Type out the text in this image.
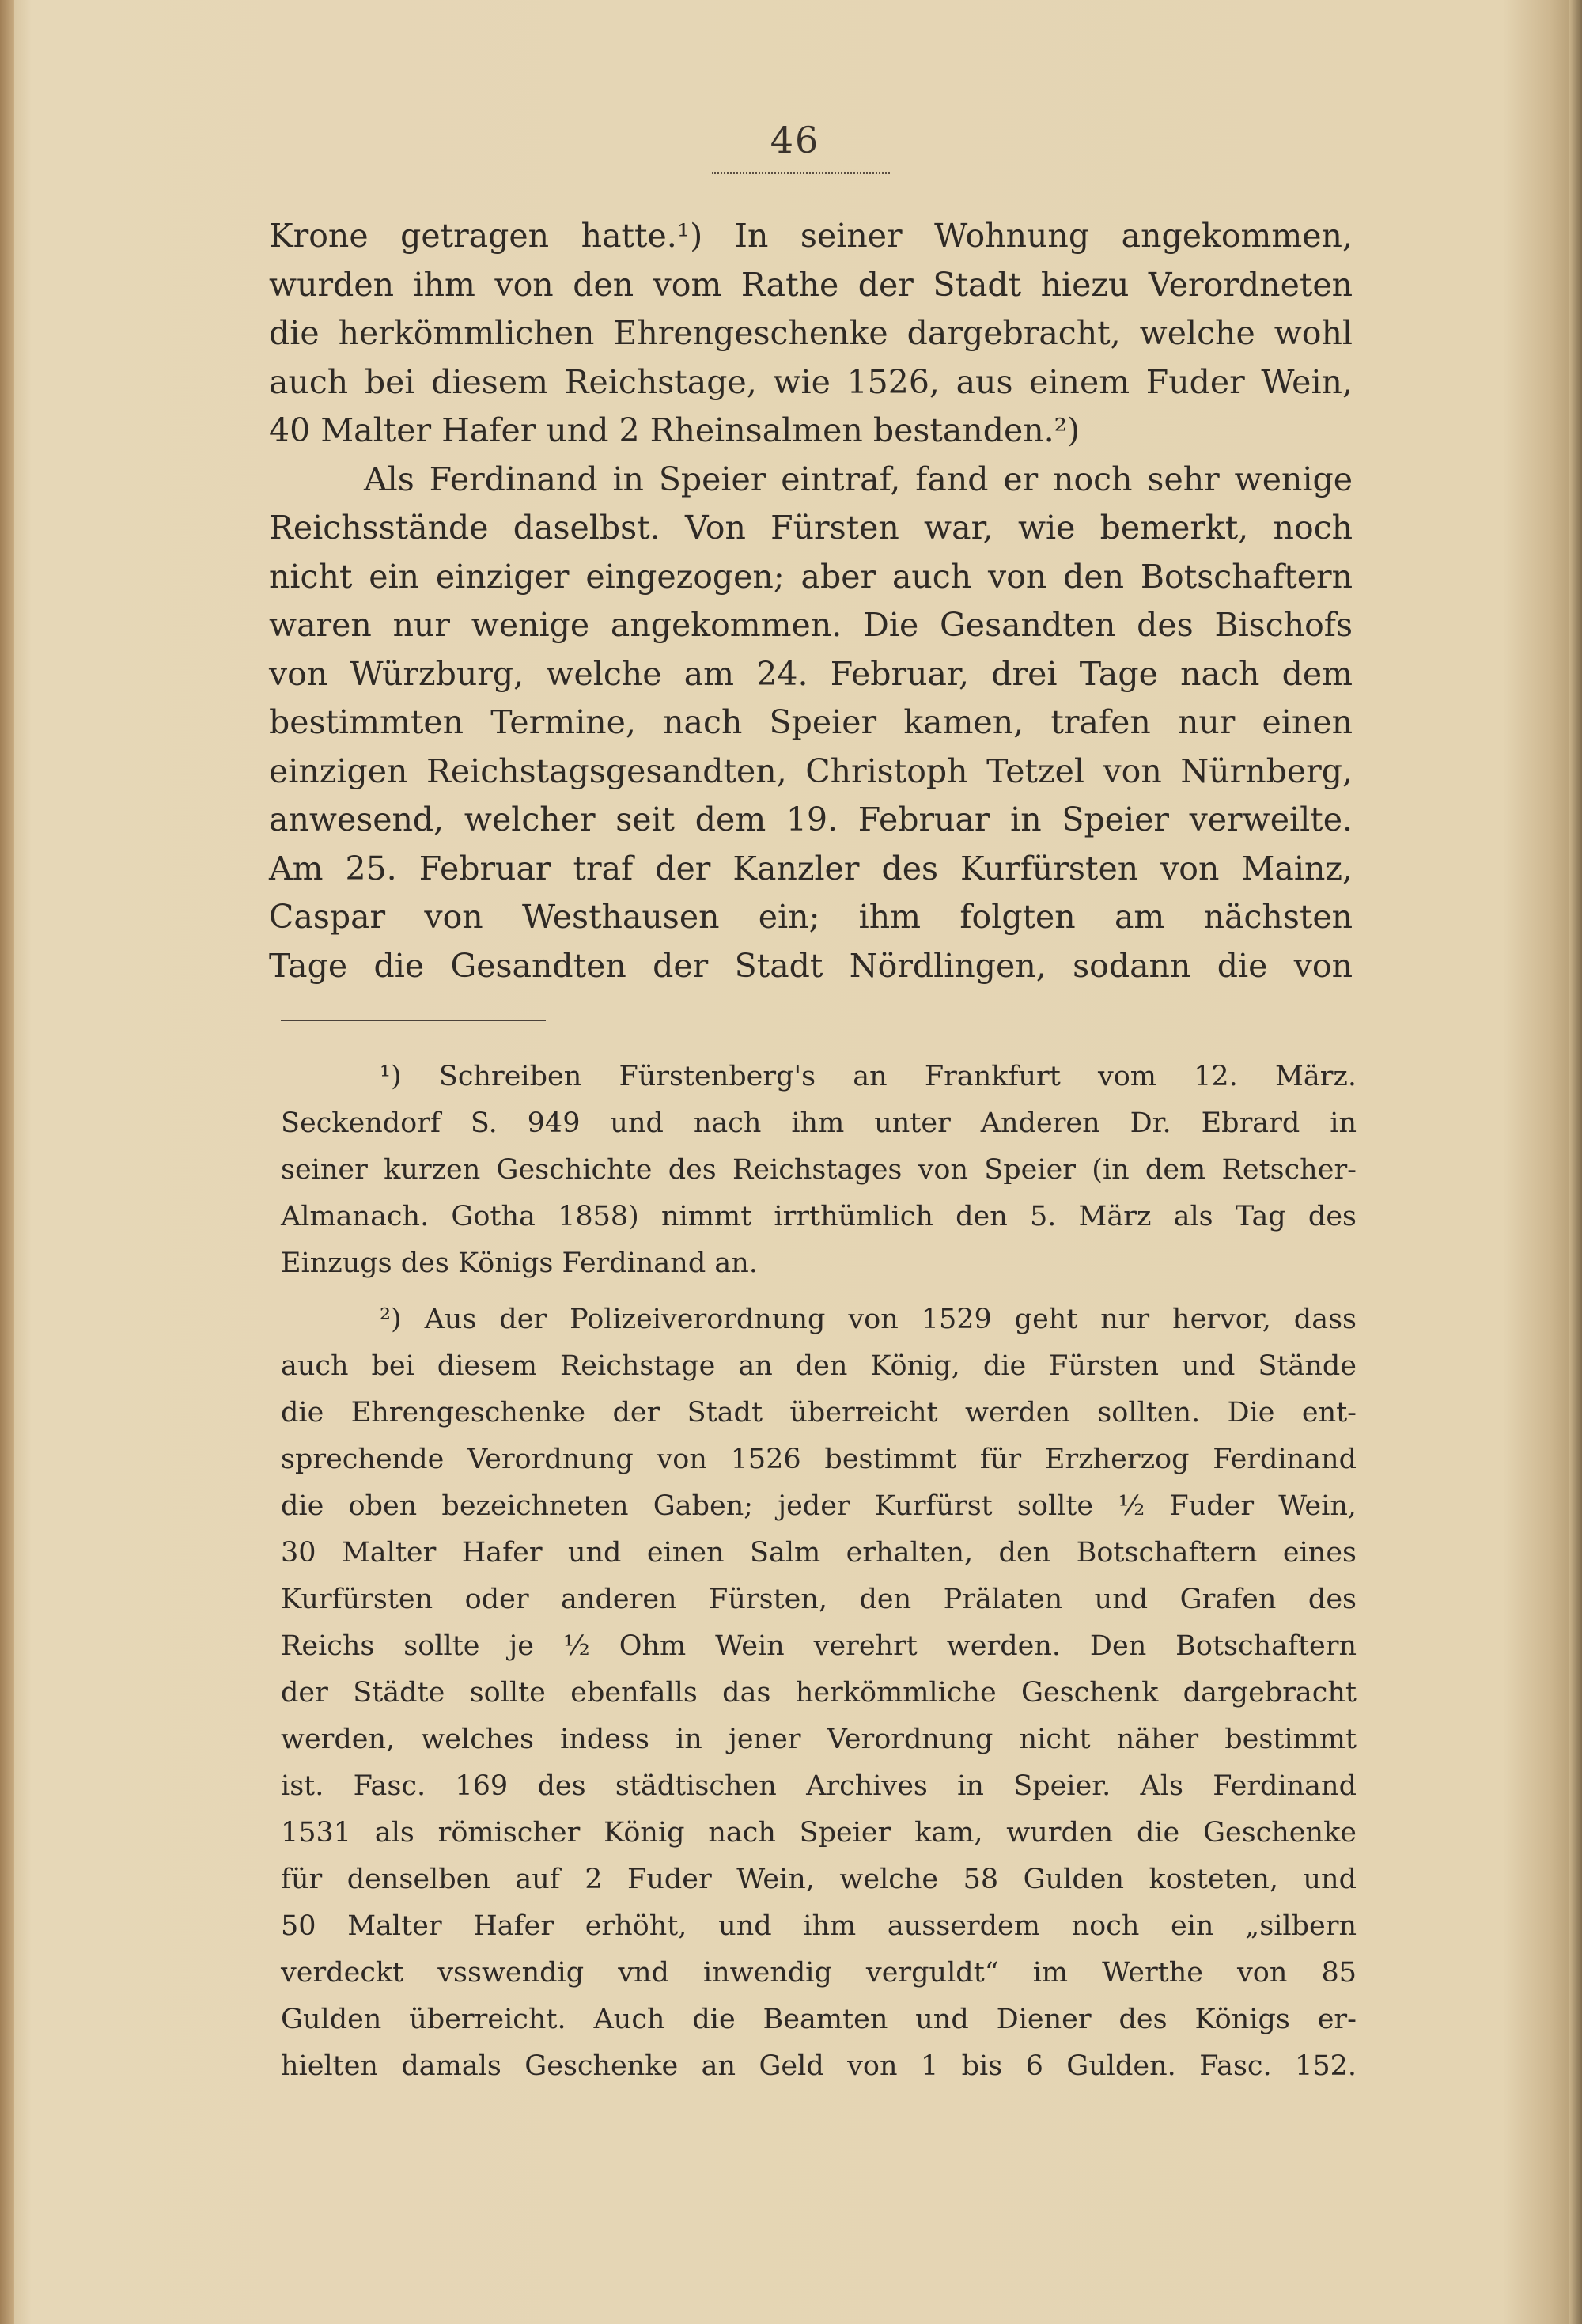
46

Krone getragen hatte.¹) In seiner Wohnung angekommen,
wurden ihm von den vom Rathe der Stadt hiezu Verordneten
die herkömmlichen Ehrengeschenke dargebracht, welche wohl
auch bei diesem Reichstage, wie 1526, aus einem Fuder Wein,
40 Malter Hafer und 2 Rheinsalmen bestanden.²)

Als Ferdinand in Speier eintraf, fand er noch sehr wenige
Reichsstände daselbst. Von Fürsten war, wie bemerkt, noch
nicht ein einziger eingezogen; aber auch von den Botschaftern
waren nur wenige angekommen. Die Gesandten des Bischofs
von Würzburg, welche am 24. Februar, drei Tage nach dem
bestimmten Termine, nach Speier kamen, trafen nur einen
einzigen Reichstagsgesandten, Christoph Tetzel von Nürnberg,
anwesend, welcher seit dem 19. Februar in Speier verweilte.
Am 25. Februar traf der Kanzler des Kurfürsten von Mainz,
Caspar von Westhausen ein; ihm folgten am nächsten
Tage die Gesandten der Stadt Nördlingen, sodann die von

¹) Schreiben Fürstenberg's an Frankfurt vom 12. März.
Seckendorf S. 949 und nach ihm unter Anderen Dr. Ebrard in
seiner kurzen Geschichte des Reichstages von Speier (in dem Retscher-
Almanach. Gotha 1858) nimmt irrthümlich den 5. März als Tag des
Einzugs des Königs Ferdinand an.

²) Aus der Polizeiverordnung von 1529 geht nur hervor, dass
auch bei diesem Reichstage an den König, die Fürsten und Stände
die Ehrengeschenke der Stadt überreicht werden sollten. Die ent-
sprechende Verordnung von 1526 bestimmt für Erzherzog Ferdinand
die oben bezeichneten Gaben; jeder Kurfürst sollte ½ Fuder Wein,
30 Malter Hafer und einen Salm erhalten, den Botschaftern eines
Kurfürsten oder anderen Fürsten, den Prälaten und Grafen des
Reichs sollte je ½ Ohm Wein verehrt werden. Den Botschaftern
der Städte sollte ebenfalls das herkömmliche Geschenk dargebracht
werden, welches indess in jener Verordnung nicht näher bestimmt
ist. Fasc. 169 des städtischen Archives in Speier. Als Ferdinand
1531 als römischer König nach Speier kam, wurden die Geschenke
für denselben auf 2 Fuder Wein, welche 58 Gulden kosteten, und
50 Malter Hafer erhöht, und ihm ausserdem noch ein „silbern
verdeckt vsswendig vnd inwendig verguldt“ im Werthe von 85
Gulden überreicht. Auch die Beamten und Diener des Königs er-
hielten damals Geschenke an Geld von 1 bis 6 Gulden. Fasc. 152.
